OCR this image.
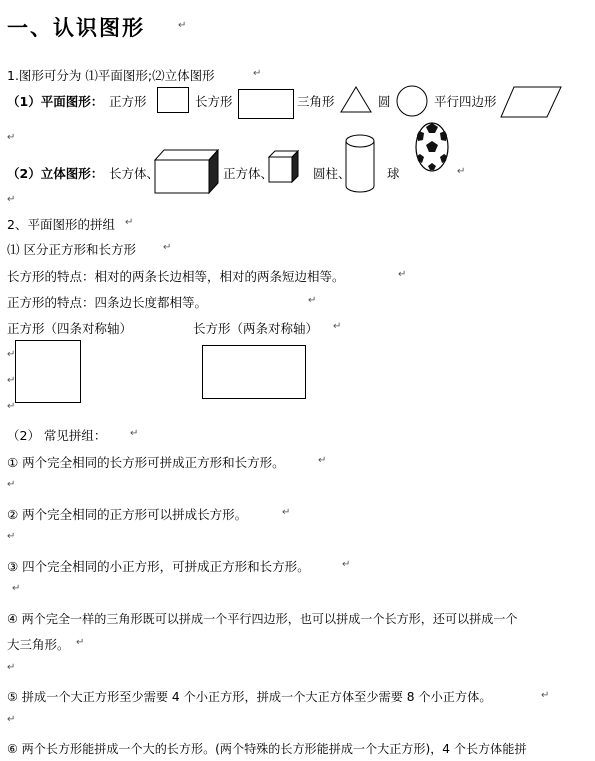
一、认识图形	↵
1.图形可分为 ⑴平面图形;⑵立体图形	↵
（1）平面图形： 正方形	长方形	三角形	圆	平行四边形
↵
（2）立体图形： 长方体、	正方体、	圆柱、	球	↵
↵
2、平面图形的拼组 ↵
⑴ 区分正方形和长方形	↵
长方形的特点：相对的两条长边相等，相对的两条短边相等。	↵
正方形的特点：四条边长度都相等。	↵
正方形（四条对称轴）	长方形（两条对称轴） ↵
↵
↵
↵
（2） 常见拼组： ↵
① 两个完全相同的长方形可拼成正方形和长方形。	↵
↵
② 两个完全相同的正方形可以拼成长方形。	↵
↵
③ 四个完全相同的小正方形，可拼成正方形和长方形。	↵
↵
④ 两个完全一样的三角形既可以拼成一个平行四边形，也可以拼成一个长方形，还可以拼成一个
大三角形。 ↵
↵
⑤ 拼成一个大正方形至少需要 4 个小正方形，拼成一个大正方体至少需要 8 个小正方体。	↵
↵
⑥ 两个长方形能拼成一个大的长方形。(两个特殊的长方形能拼成一个大正方形)，4 个长方体能拼
